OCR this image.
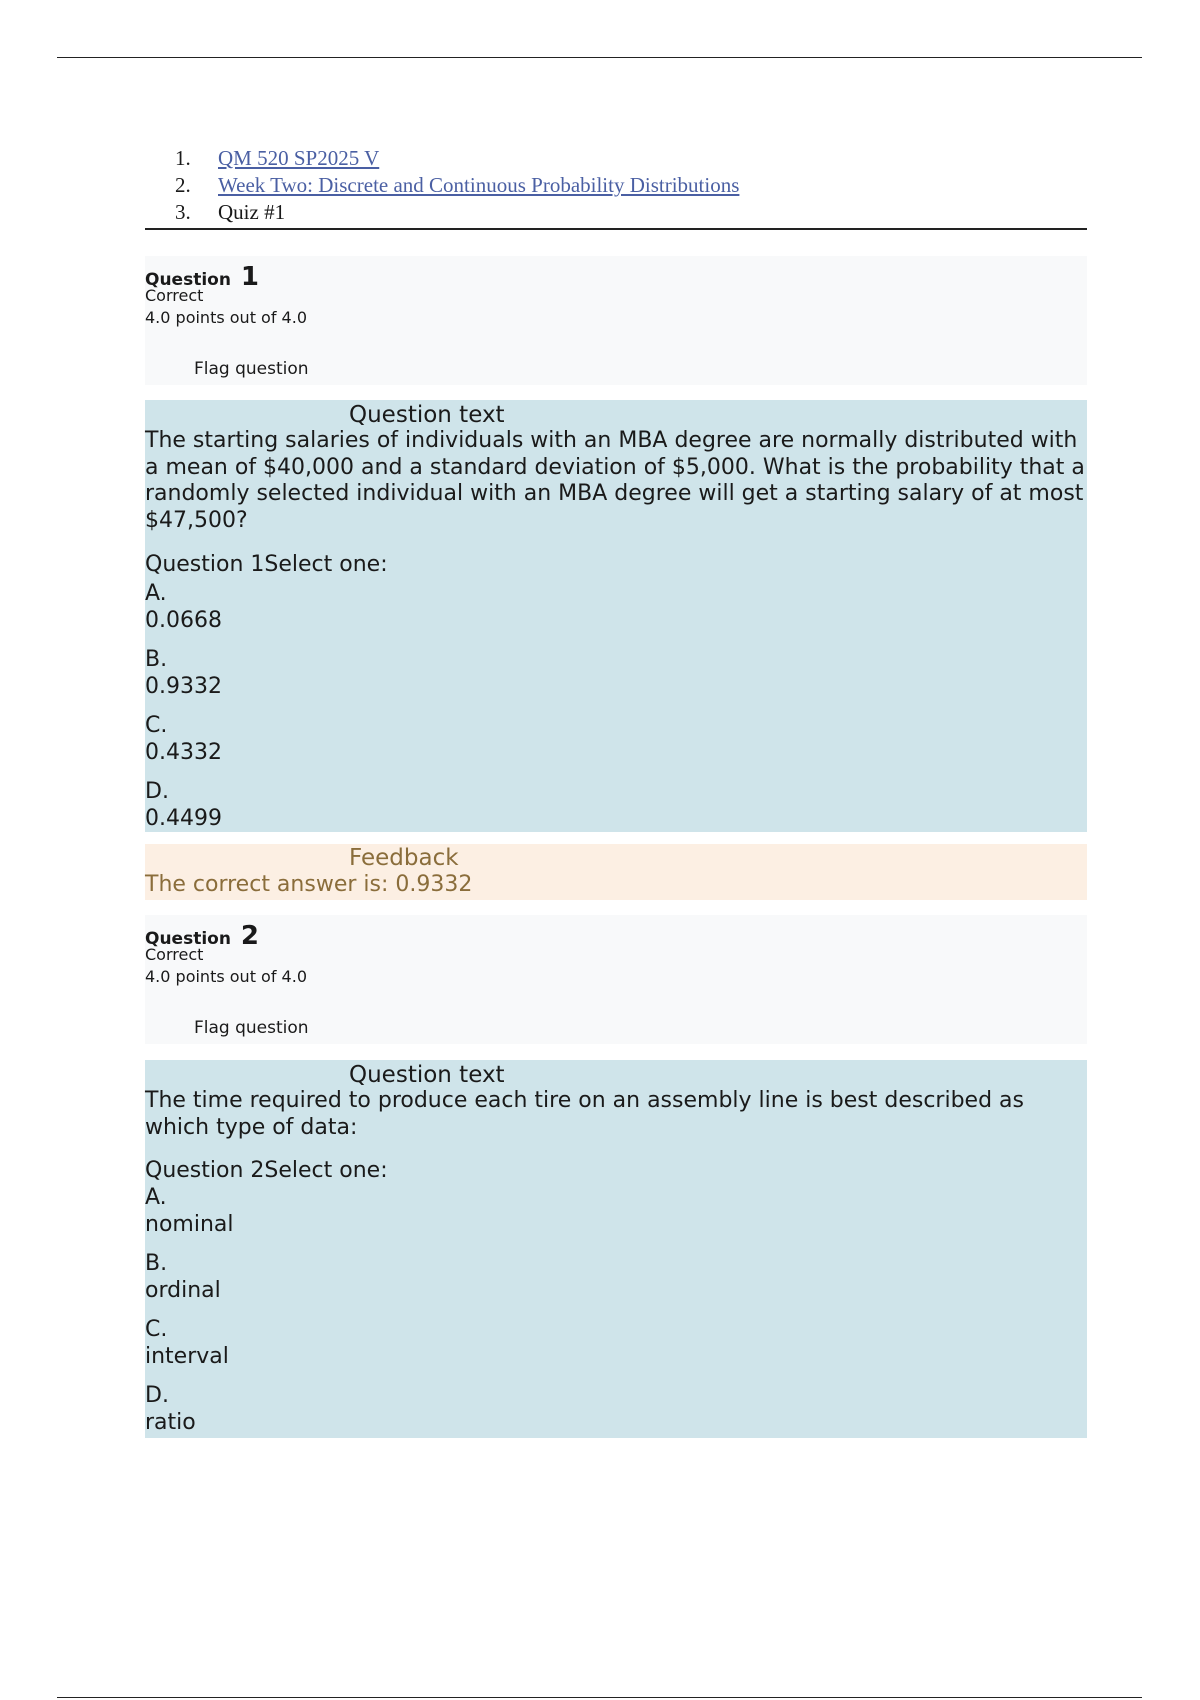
1.	QM 520 SP2025 V
2.	Week Two: Discrete and Continuous Probability Distributions
3.	Quiz #1
Question 1
Correct
4.0 points out of 4.0
Flag question
Question text
The starting salaries of individuals with an MBA degree are normally distributed with a mean of $40,000 and a standard deviation of $5,000. What is the probability that a randomly selected individual with an MBA degree will get a starting salary of at most $47,500?
Question 1Select one:
A.
0.0668
B.
0.9332
C.
0.4332
D.
0.4499
Feedback
The correct answer is: 0.9332
Question 2
Correct
4.0 points out of 4.0
Flag question
Question text
The time required to produce each tire on an assembly line is best described as which type of data:
Question 2Select one:
A.
nominal
B.
ordinal
C.
interval
D.
ratio
